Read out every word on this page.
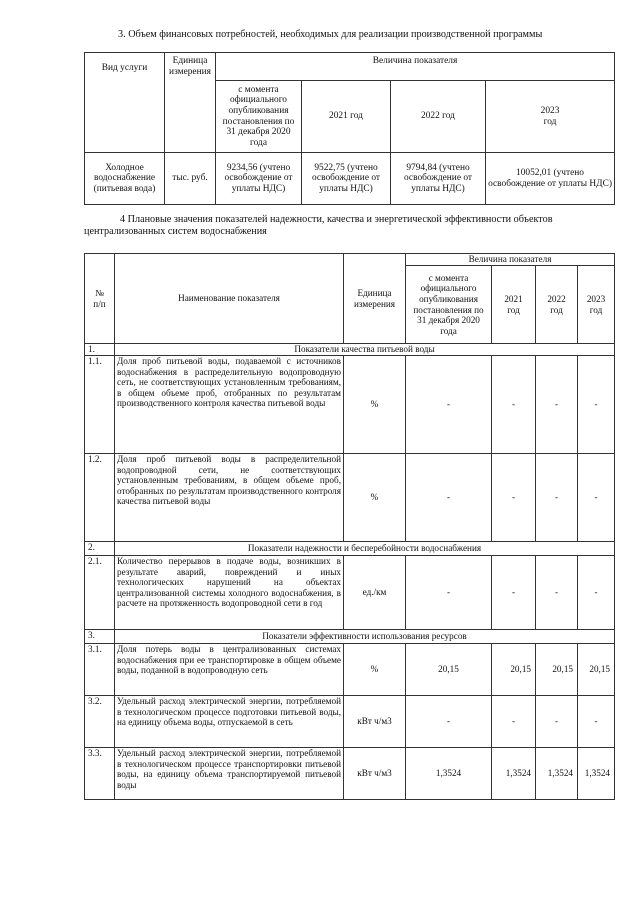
3. Объем финансовых потребностей, необходимых для реализации производственной программы
Вид услуги	Единица измерения	Величина показателя			
		с момента официального опубликования постановления по 31 декабря 2020 года	2021 год	2022 год	2023 год
Холодное водоснабжение (питьевая вода)	тыс. руб.	9234,56 (учтено освобождение от уплаты НДС)	9522,75 (учтено освобождение от уплаты НДС)	9794,84 (учтено освобождение от уплаты НДС)	10052,01 (учтено освобождение от уплаты НДС)
4 Плановые значения показателей надежности, качества и энергетической эффективности объектов централизованных систем водоснабжения
№ п/п	Наименование показателя	Единица измерения	Величина показателя			
			с момента официального опубликования постановления по 31 декабря 2020 года	2021 год	2022 год	2023 год
1.	Показатели качества питьевой воды					
1.1.	Доля проб питьевой воды, подаваемой с источников водоснабжения в распределительную водопроводную сеть, не соответствующих установленным требованиям, в общем объеме проб, отобранных по результатам производственного контроля качества питьевой воды	%	-	-	-	-
1.2.	Доля проб питьевой воды в распределительной водопроводной сети, не соответствующих установленным требованиям, в общем объеме проб, отобранных по результатам производственного контроля качества питьевой воды	%	-	-	-	-
2.	Показатели надежности и бесперебойности водоснабжения					
2.1.	Количество перерывов в подаче воды, возникших в результате аварий, повреждений и иных технологических нарушений на объектах централизованной системы холодного водоснабжения, в расчете на протяженность водопроводной сети в год	ед./км	-	-	-	-
3.	Показатели эффективности использования ресурсов					
3.1.	Доля потерь воды в централизованных системах водоснабжения при ее транспортировке в общем объеме воды, поданной в водопроводную сеть	%	20,15	20,15	20,15	20,15
3.2.	Удельный расход электрической энергии, потребляемой в технологическом процессе подготовки питьевой воды, на единицу объема воды, отпускаемой в сеть	кВт ч/м3	-	-	-	-
3.3.	Удельный расход электрической энергии, потребляемой в технологическом процессе транспортировки питьевой воды, на единицу объема транспортируемой питьевой воды	кВт ч/м3	1,3524	1,3524	1,3524	1,3524
